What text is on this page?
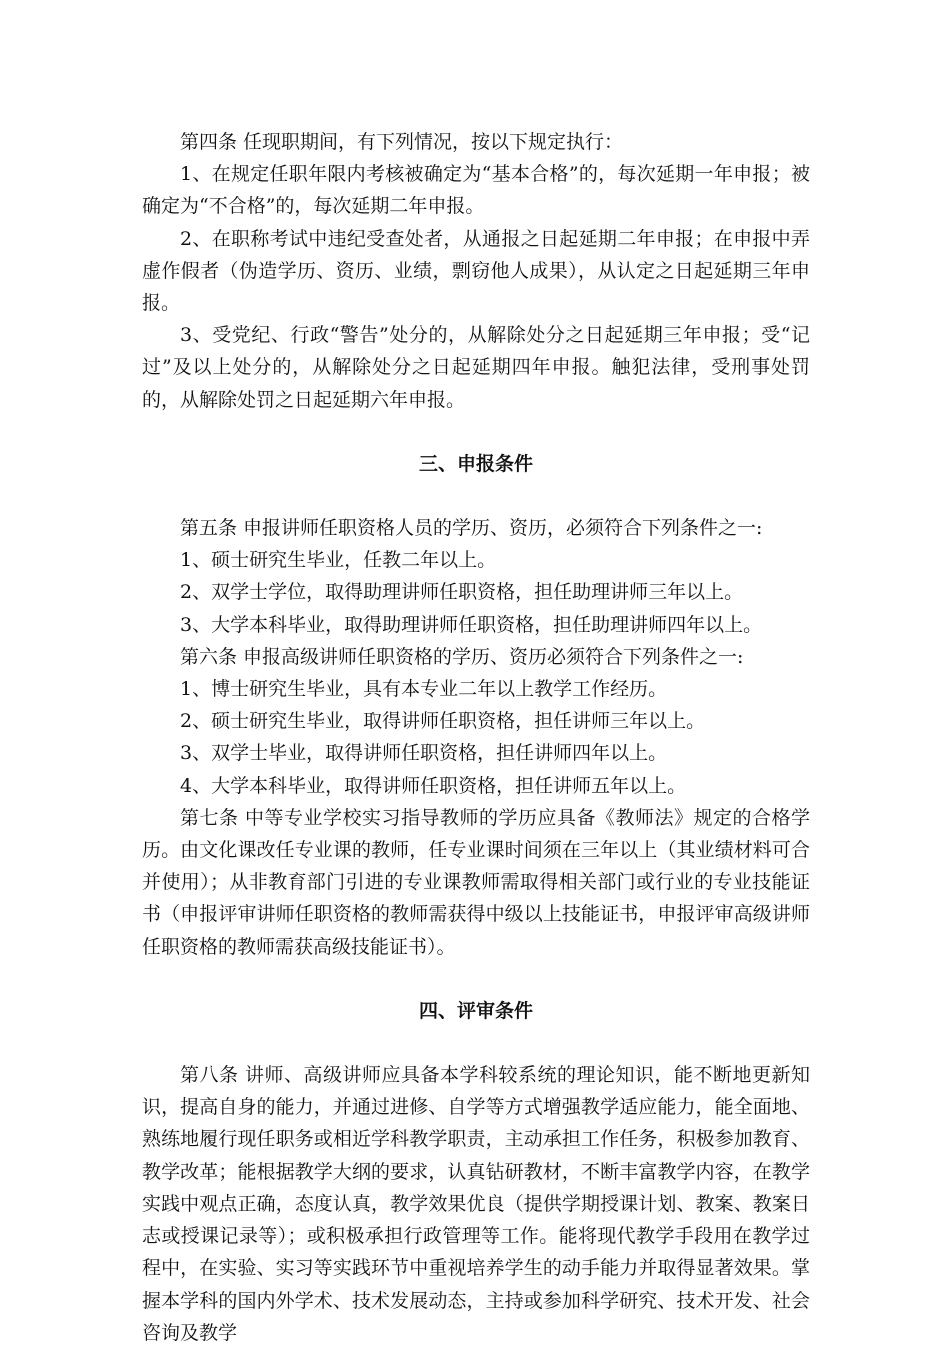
第四条 任现职期间，有下列情况，按以下规定执行：

1、在规定任职年限内考核被确定为“基本合格”的，每次延期一年申报；被确定为“不合格”的，每次延期二年申报。

2、在职称考试中违纪受查处者，从通报之日起延期二年申报；在申报中弄虚作假者（伪造学历、资历、业绩，剽窃他人成果），从认定之日起延期三年申报。

3、受党纪、行政“警告”处分的，从解除处分之日起延期三年申报；受“记过”及以上处分的，从解除处分之日起延期四年申报。触犯法律，受刑事处罚的，从解除处罚之日起延期六年申报。

三、申报条件

第五条 申报讲师任职资格人员的学历、资历，必须符合下列条件之一:

1、硕士研究生毕业，任教二年以上。

2、双学士学位，取得助理讲师任职资格，担任助理讲师三年以上。

3、大学本科毕业，取得助理讲师任职资格，担任助理讲师四年以上。

第六条 申报高级讲师任职资格的学历、资历必须符合下列条件之一:

1、博士研究生毕业，具有本专业二年以上教学工作经历。

2、硕士研究生毕业，取得讲师任职资格，担任讲师三年以上。

3、双学士毕业，取得讲师任职资格，担任讲师四年以上。

4、大学本科毕业，取得讲师任职资格，担任讲师五年以上。

第七条 中等专业学校实习指导教师的学历应具备《教师法》规定的合格学历。由文化课改任专业课的教师，任专业课时间须在三年以上（其业绩材料可合并使用）；从非教育部门引进的专业课教师需取得相关部门或行业的专业技能证书（申报评审讲师任职资格的教师需获得中级以上技能证书，申报评审高级讲师任职资格的教师需获高级技能证书）。

四、评审条件

第八条 讲师、高级讲师应具备本学科较系统的理论知识，能不断地更新知识，提高自身的能力，并通过进修、自学等方式增强教学适应能力，能全面地、熟练地履行现任职务或相近学科教学职责，主动承担工作任务，积极参加教育、教学改革；能根据教学大纲的要求，认真钻研教材，不断丰富教学内容，在教学实践中观点正确，态度认真，教学效果优良（提供学期授课计划、教案、教案日志或授课记录等）；或积极承担行政管理等工作。能将现代教学手段用在教学过程中，在实验、实习等实践环节中重视培养学生的动手能力并取得显著效果。掌握本学科的国内外学术、技术发展动态，主持或参加科学研究、技术开发、社会咨询及教学
